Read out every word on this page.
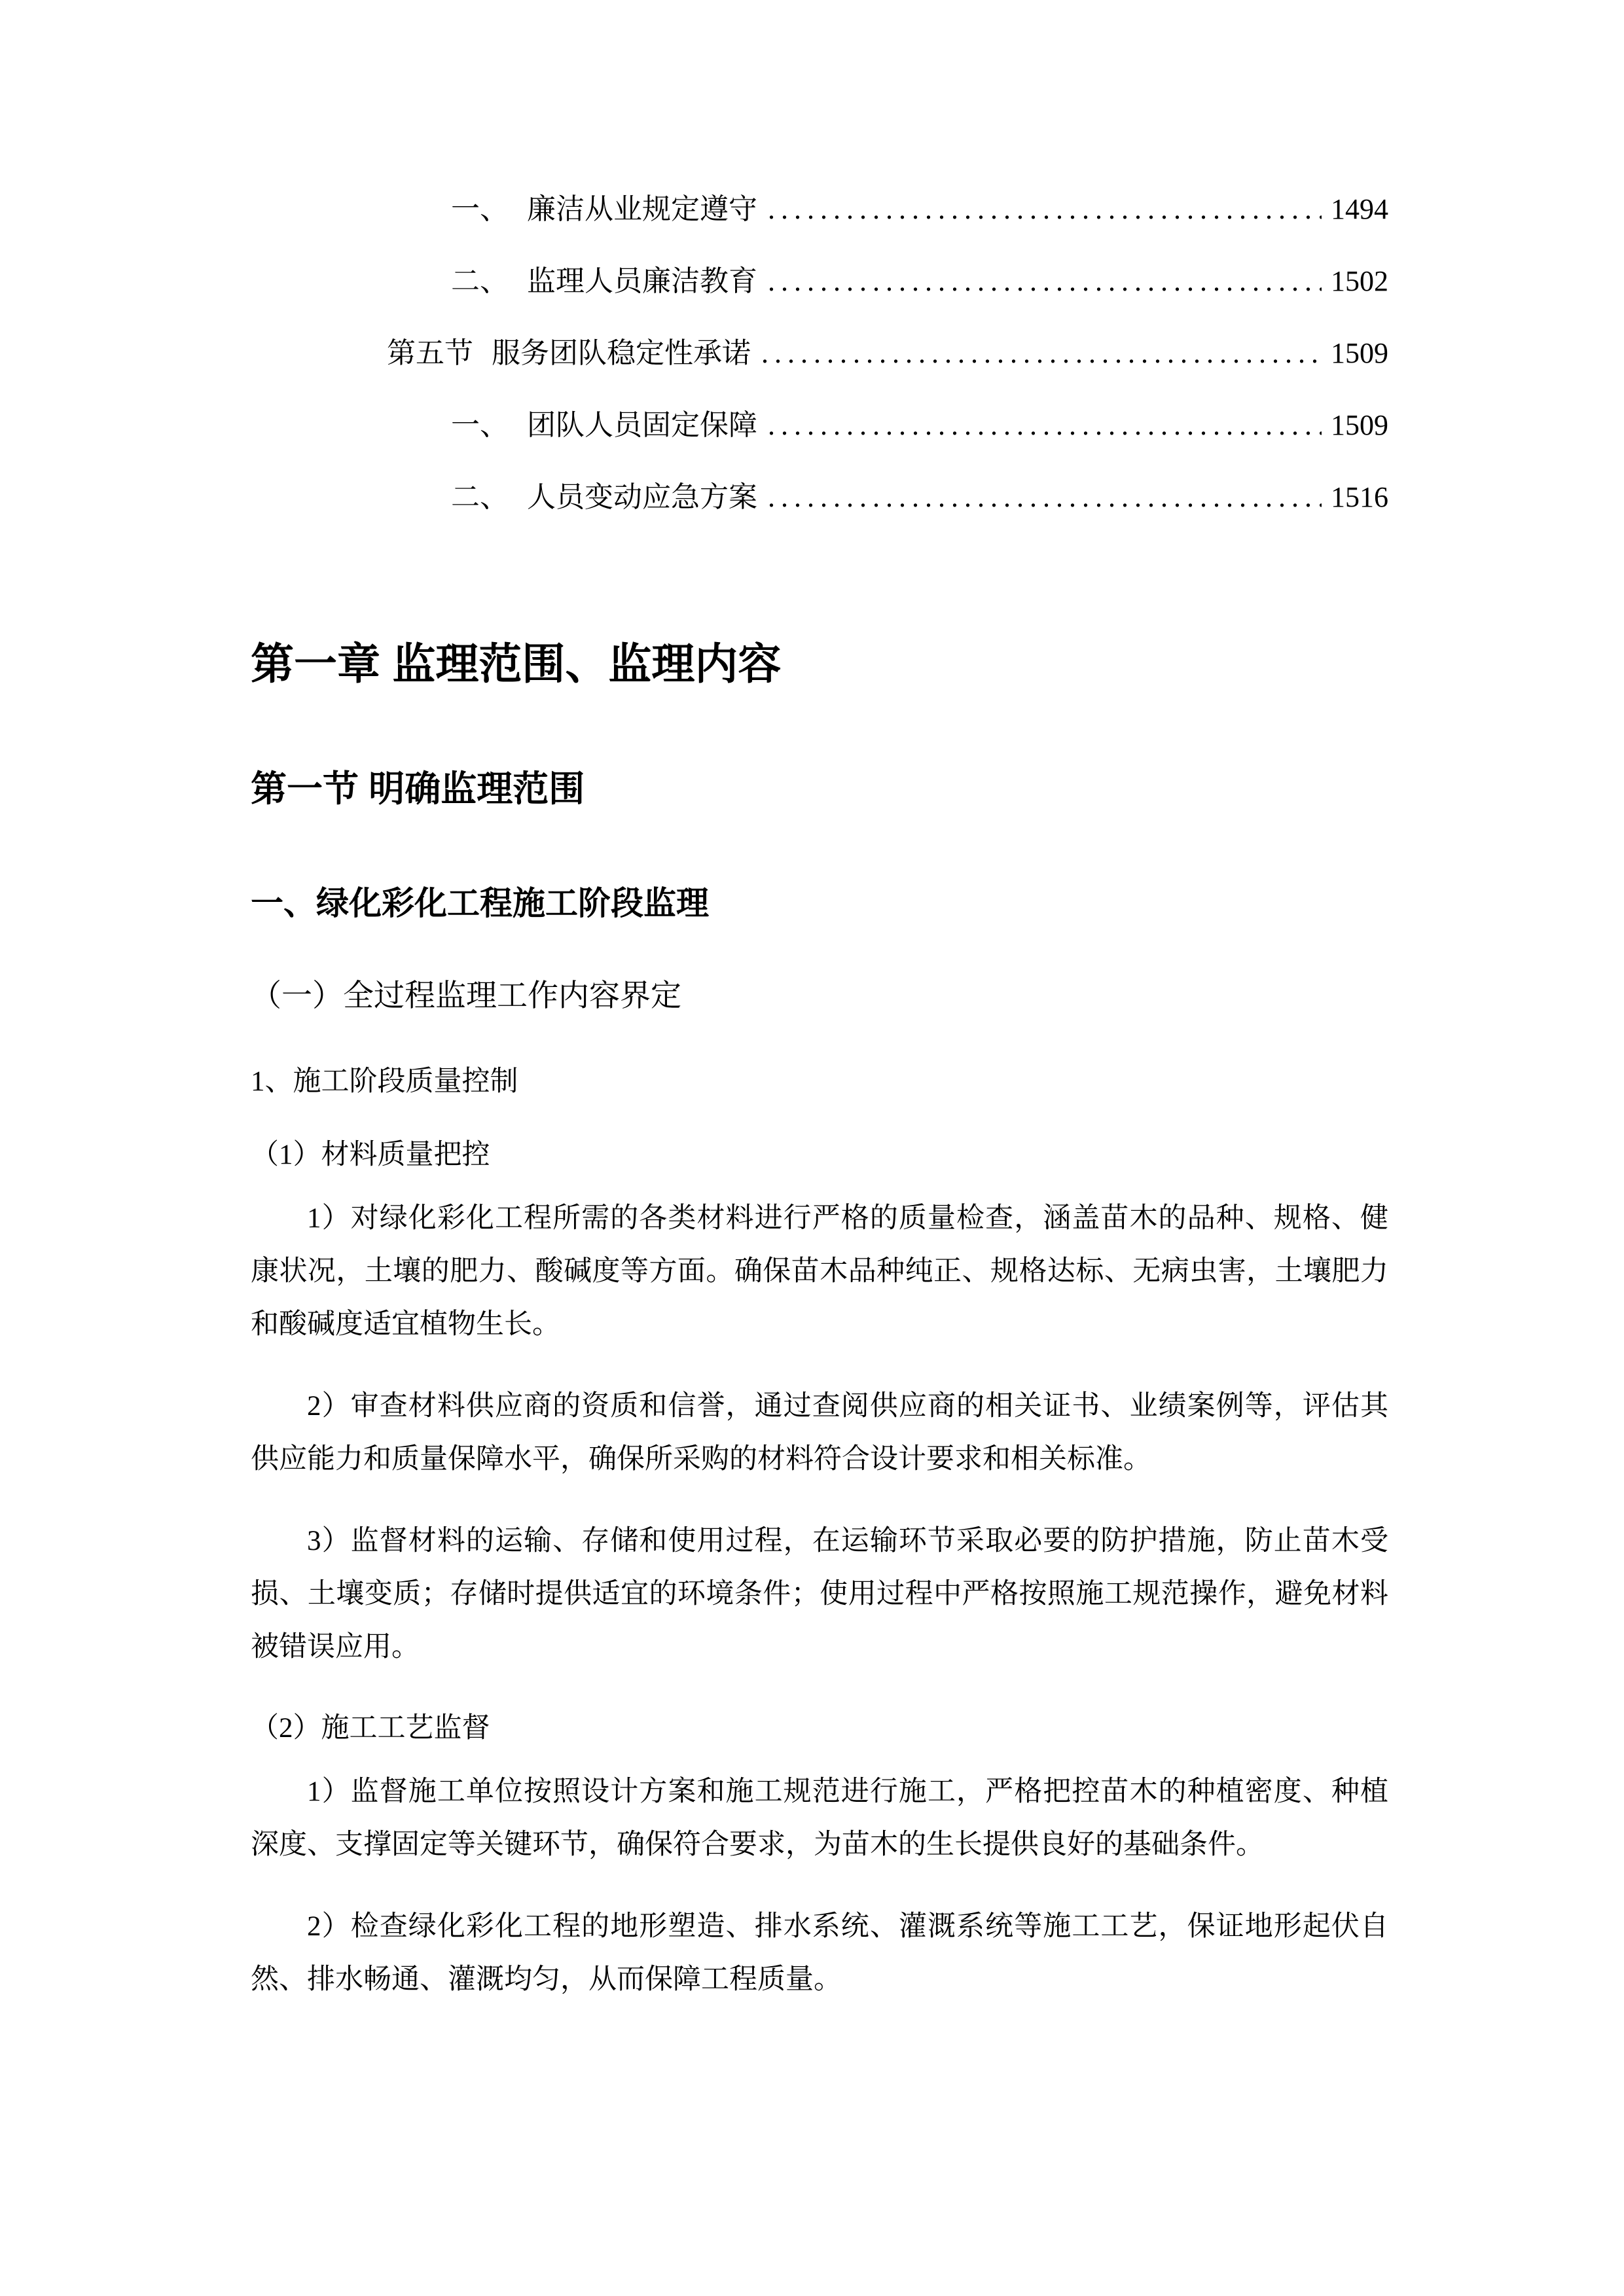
一、 廉洁从业规定遵守 .....	1494
二、 监理人员廉洁教育 .....	1502
第五节 服务团队稳定性承诺 .....	1509
一、 团队人员固定保障 .....	1509
二、 人员变动应急方案 .....	1516
第一章 监理范围、监理内容
第一节 明确监理范围
一、绿化彩化工程施工阶段监理
（一）全过程监理工作内容界定
1、施工阶段质量控制
（1）材料质量把控

1）对绿化彩化工程所需的各类材料进行严格的质量检查，涵盖苗木的品种、规格、健康状况，土壤的肥力、酸碱度等方面。确保苗木品种纯正、规格达标、无病虫害，土壤肥力和酸碱度适宜植物生长。

2）审查材料供应商的资质和信誉，通过查阅供应商的相关证书、业绩案例等，评估其供应能力和质量保障水平，确保所采购的材料符合设计要求和相关标准。

3）监督材料的运输、存储和使用过程，在运输环节采取必要的防护措施，防止苗木受损、土壤变质；存储时提供适宜的环境条件；使用过程中严格按照施工规范操作，避免材料被错误应用。

（2）施工工艺监督

1）监督施工单位按照设计方案和施工规范进行施工，严格把控苗木的种植密度、种植深度、支撑固定等关键环节，确保符合要求，为苗木的生长提供良好的基础条件。

2）检查绿化彩化工程的地形塑造、排水系统、灌溉系统等施工工艺，保证地形起伏自然、排水畅通、灌溉均匀，从而保障工程质量。
